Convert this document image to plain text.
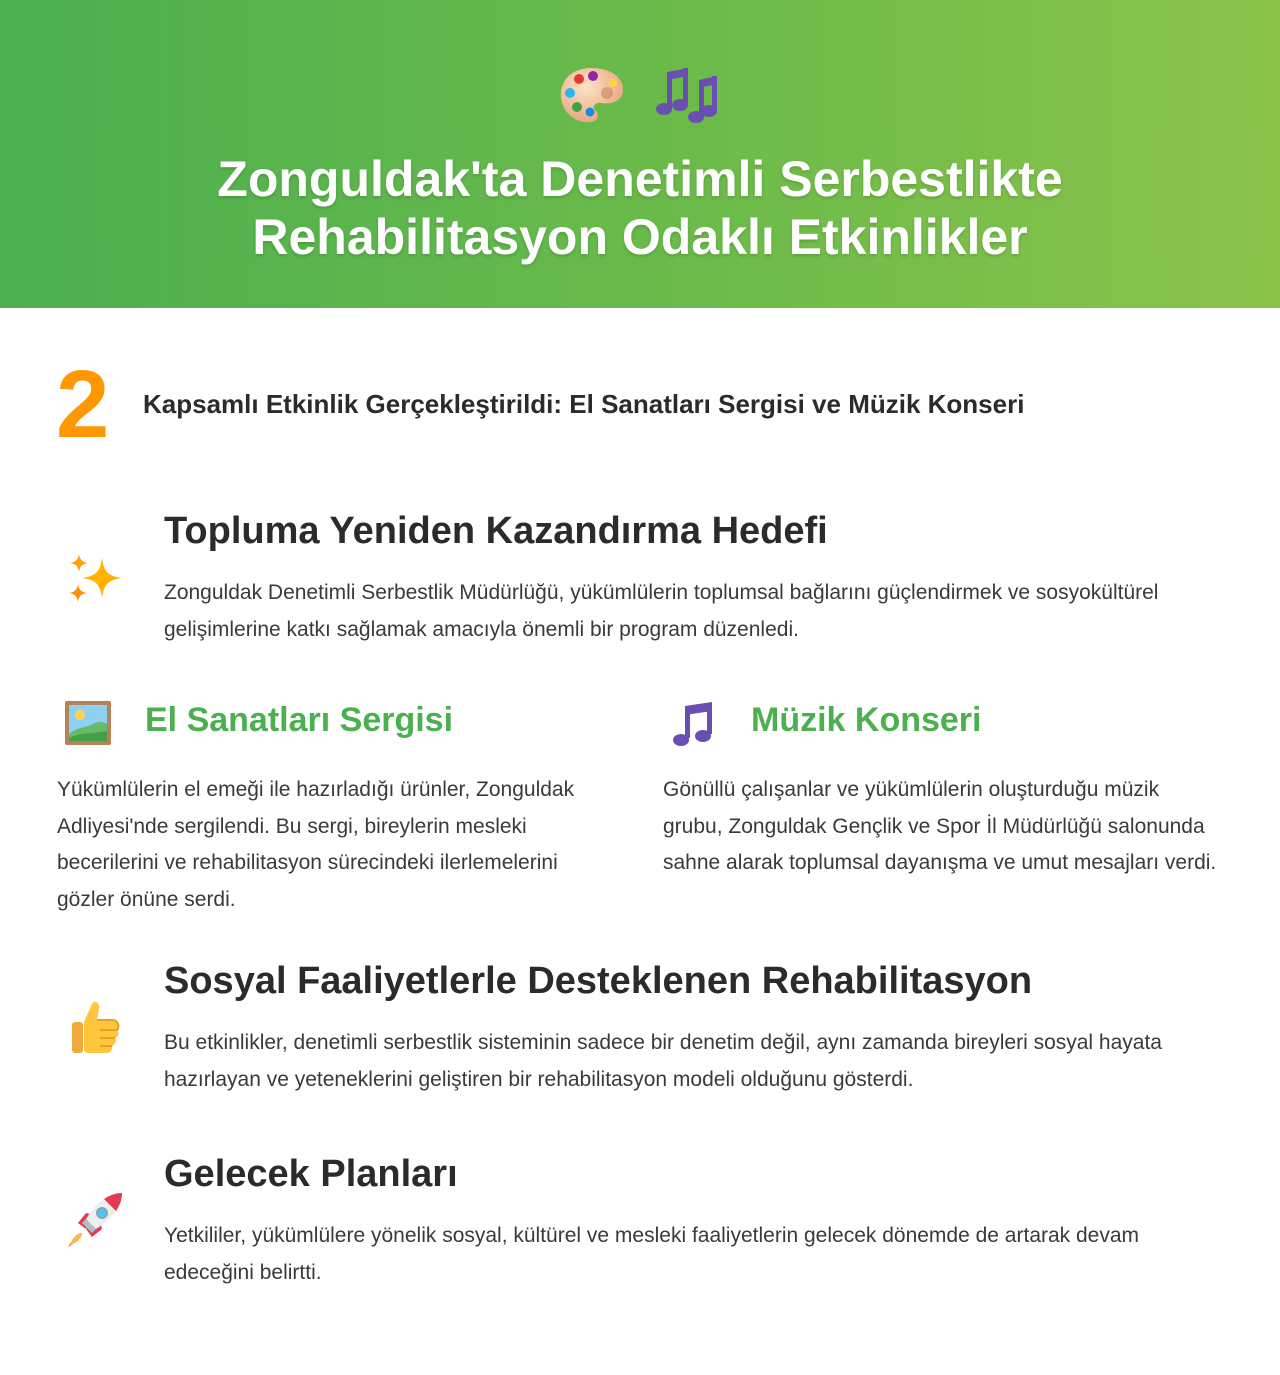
Zonguldak'ta Denetimli Serbestlikte
Rehabilitasyon Odaklı Etkinlikler
2 Kapsamlı Etkinlik Gerçekleştirildi: El Sanatları Sergisi ve Müzik Konseri
Topluma Yeniden Kazandırma Hedefi

Zonguldak Denetimli Serbestlik Müdürlüğü, yükümlülerin toplumsal bağlarını güçlendirmek ve sosyokültürel gelişimlerine katkı sağlamak amacıyla önemli bir program düzenledi.

El Sanatları Sergisi

Yükümlülerin el emeği ile hazırladığı ürünler, Zonguldak Adliyesi'nde sergilendi. Bu sergi, bireylerin mesleki becerilerini ve rehabilitasyon sürecindeki ilerlemelerini gözler önüne serdi.

Müzik Konseri

Gönüllü çalışanlar ve yükümlülerin oluşturduğu müzik grubu, Zonguldak Gençlik ve Spor İl Müdürlüğü salonunda sahne alarak toplumsal dayanışma ve umut mesajları verdi.

Sosyal Faaliyetlerle Desteklenen Rehabilitasyon

Bu etkinlikler, denetimli serbestlik sisteminin sadece bir denetim değil, aynı zamanda bireyleri sosyal hayata hazırlayan ve yeteneklerini geliştiren bir rehabilitasyon modeli olduğunu gösterdi.

Gelecek Planları

Yetkililer, yükümlülere yönelik sosyal, kültürel ve mesleki faaliyetlerin gelecek dönemde de artarak devam edeceğini belirtti.
